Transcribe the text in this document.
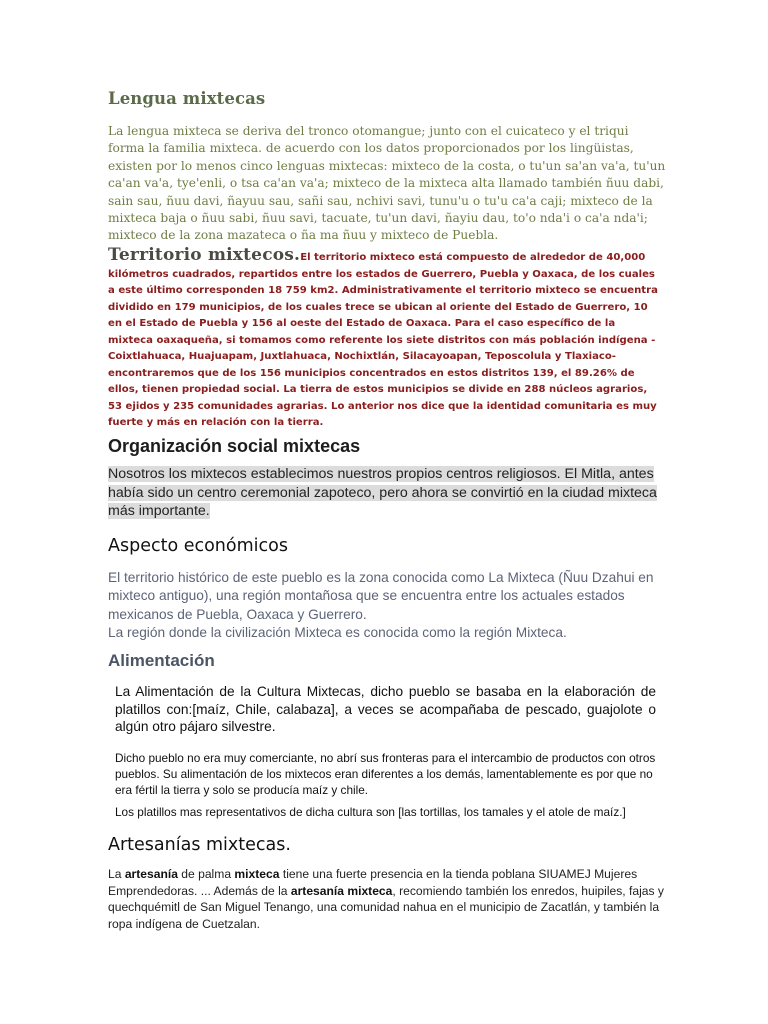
Lengua mixtecas
La lengua mixteca se deriva del tronco otomangue; junto con el cuicateco y el triqui forma la familia mixteca. de acuerdo con los datos proporcionados por los lingüistas, existen por lo menos cinco lenguas mixtecas: mixteco de la costa, o tu'un sa'an va'a, tu'un ca'an va'a, tye'enli, o tsa ca'an va'a; mixteco de la mixteca alta llamado también ñuu dabi, sain sau, ñuu davi, ñayuu sau, sañi sau, nchivi savi, tunu'u o tu'u ca'a caji; mixteco de la mixteca baja o ñuu sabi, ñuu savi, tacuate, tu'un davi, ñayiu dau, to'o nda'i o ca'a nda'i; mixteco de la zona mazateca o ña ma ñuu y mixteco de Puebla.
Territorio mixtecos.El territorio mixteco está compuesto de alrededor de 40,000 kilómetros cuadrados, repartidos entre los estados de Guerrero, Puebla y Oaxaca, de los cuales a este último corresponden 18 759 km2. Administrativamente el territorio mixteco se encuentra dividido en 179 municipios, de los cuales trece se ubican al oriente del Estado de Guerrero, 10 en el Estado de Puebla y 156 al oeste del Estado de Oaxaca. Para el caso específico de la mixteca oaxaqueña, si tomamos como referente los siete distritos con más población indígena -Coixtlahuaca, Huajuapam, Juxtlahuaca, Nochixtlán, Silacayoapan, Teposcolula y Tlaxiaco- encontraremos que de los 156 municipios concentrados en estos distritos 139, el 89.26% de ellos, tienen propiedad social. La tierra de estos municipios se divide en 288 núcleos agrarios, 53 ejidos y 235 comunidades agrarias. Lo anterior nos dice que la identidad comunitaria es muy fuerte y más en relación con la tierra.
Organización social mixtecas
Nosotros los mixtecos establecimos nuestros propios centros religiosos. El Mitla, antes había sido un centro ceremonial zapoteco, pero ahora se convirtió en la ciudad mixteca más importante.
Aspecto económicos
El territorio histórico de este pueblo es la zona conocida como La Mixteca (Ñuu Dzahui en mixteco antiguo), una región montañosa que se encuentra entre los actuales estados mexicanos de Puebla, Oaxaca y Guerrero.
La región donde la civilización Mixteca es conocida como la región Mixteca.
Alimentación
La Alimentación de la Cultura Mixtecas, dicho pueblo se basaba en la elaboración de platillos con:[maíz, Chile, calabaza], a veces se acompañaba de pescado, guajolote o algún otro pájaro silvestre.
Dicho pueblo no era muy comerciante, no abrí sus fronteras para el intercambio de productos con otros pueblos. Su alimentación de los mixtecos eran diferentes a los demás, lamentablemente es por que no era fértil la tierra y solo se producía maíz y chile.
Los platillos mas representativos de dicha cultura son [las tortillas, los tamales y el atole de maíz.]
Artesanías mixtecas.
La artesanía de palma mixteca tiene una fuerte presencia en la tienda poblana SIUAMEJ Mujeres Emprendedoras. ... Además de la artesanía mixteca, recomiendo también los enredos, huipiles, fajas y quechquémitl de San Miguel Tenango, una comunidad nahua en el municipio de Zacatlán, y también la ropa indígena de Cuetzalan.
